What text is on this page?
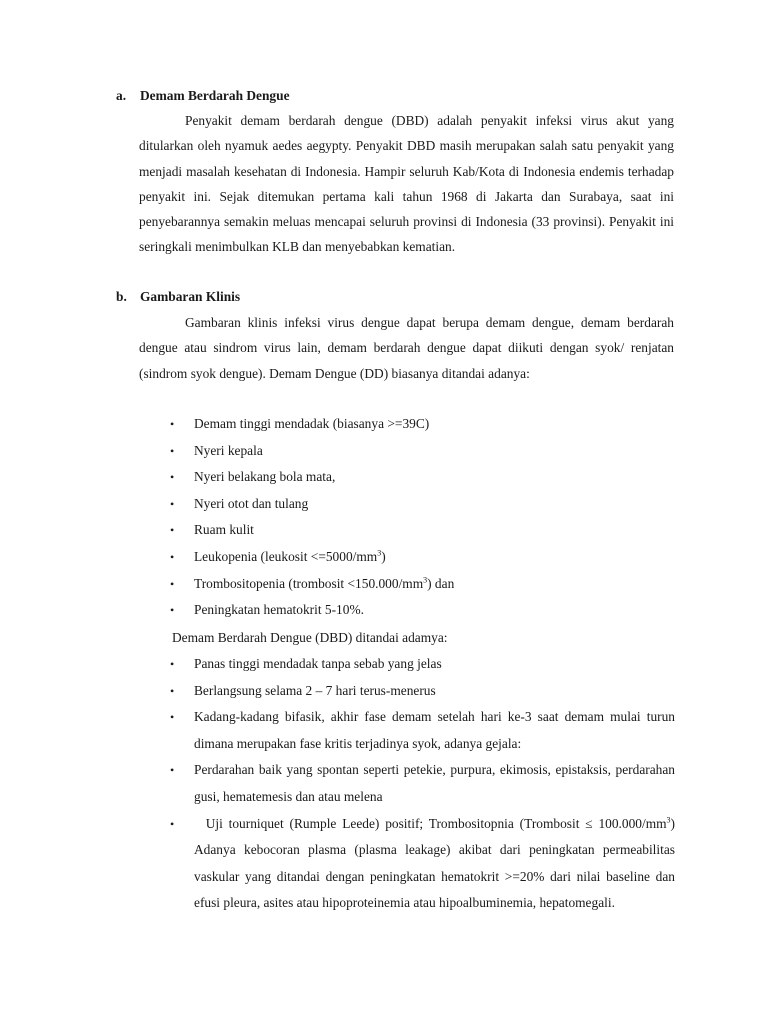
a.	Demam Berdarah Dengue

Penyakit demam berdarah dengue (DBD) adalah penyakit infeksi virus akut yang ditularkan oleh nyamuk aedes aegypty. Penyakit DBD masih merupakan salah satu penyakit yang menjadi masalah kesehatan di Indonesia. Hampir seluruh Kab/Kota di Indonesia endemis terhadap penyakit ini. Sejak ditemukan pertama kali tahun 1968 di Jakarta dan Surabaya, saat ini penyebarannya semakin meluas mencapai seluruh provinsi di Indonesia (33 provinsi). Penyakit ini seringkali menimbulkan KLB dan menyebabkan kematian.

b. Gambaran Klinis

Gambaran klinis infeksi virus dengue dapat berupa demam dengue, demam berdarah dengue atau sindrom virus lain, demam berdarah dengue dapat diikuti dengan syok/ renjatan (sindrom syok dengue). Demam Dengue (DD) biasanya ditandai adanya:

• Demam tinggi mendadak (biasanya >=39C)
• Nyeri kepala
• Nyeri belakang bola mata,
• Nyeri otot dan tulang
• Ruam kulit
• Leukopenia (leukosit $<=5000/mm^3$)
• Trombositopenia (trombosit $<150.000/mm^3$) dan
• Peningkatan hematokrit 5-10%.
Demam Berdarah Dengue (DBD) ditandai adamya:
• Panas tinggi mendadak tanpa sebab yang jelas
• Berlangsung selama 2 – 7 hari terus-menerus
• Kadang-kadang bifasik, akhir fase demam setelah hari ke-3 saat demam mulai turun dimana merupakan fase kritis terjadinya syok, adanya gejala:
• Perdarahan baik yang spontan seperti petekie, purpura, ekimosis, epistaksis, perdarahan gusi, hematemesis dan atau melena
• Uji tourniquet (Rumple Leede) positif; Trombositopnia (Trombosit ≤ $100.000/mm^3$) Adanya kebocoran plasma (plasma leakage) akibat dari peningkatan permeabilitas vaskular yang ditandai dengan peningkatan hematokrit >=20% dari nilai baseline dan efusi pleura, asites atau hipoproteinemia atau hipoalbuminemia, hepatomegali.
